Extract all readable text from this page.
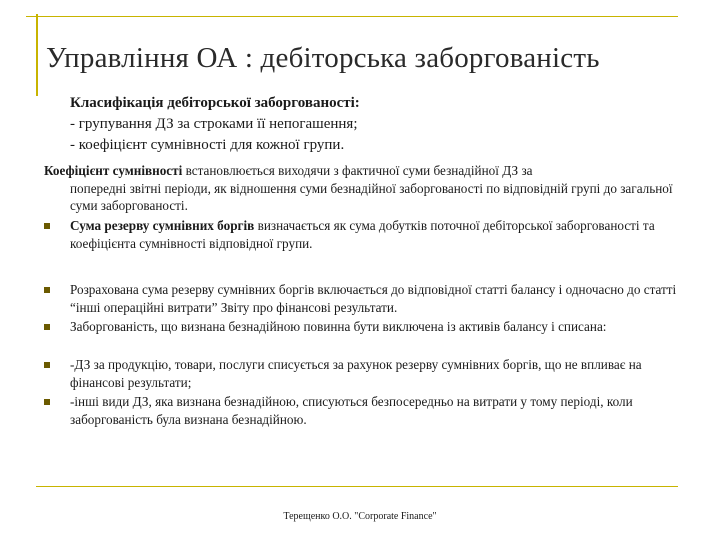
Управління ОА : дебіторська заборгованість
Класифікація дебіторської заборгованості:
- групування ДЗ за строками її непогашення;
- коефіцієнт сумнівності для кожної групи.
Коефіцієнт сумнівності встановлюється виходячи з фактичної суми безнадійної ДЗ за
попередні звітні періоди, як відношення суми безнадійної заборгованості по відповідній групі до загальної суми заборгованості.
Сума резерву сумнівних боргів визначається як сума добутків поточної дебіторської заборгованості та коефіцієнта сумнівності відповідної групи.
Розрахована сума резерву сумнівних боргів включається до відповідної статті балансу і одночасно до статті “інші операційні витрати” Звіту про фінансові результати.
Заборгованість, що визнана безнадійною повинна бути виключена із активів балансу і списана:
-ДЗ за продукцію, товари, послуги списується за рахунок резерву сумнівних боргів, що не впливає на фінансові результати;
-інші види ДЗ, яка визнана безнадійною, списуються безпосередньо на витрати у тому періоді, коли заборгованість була визнана безнадійною.
Терещенко О.О. "Corporate Finance"
